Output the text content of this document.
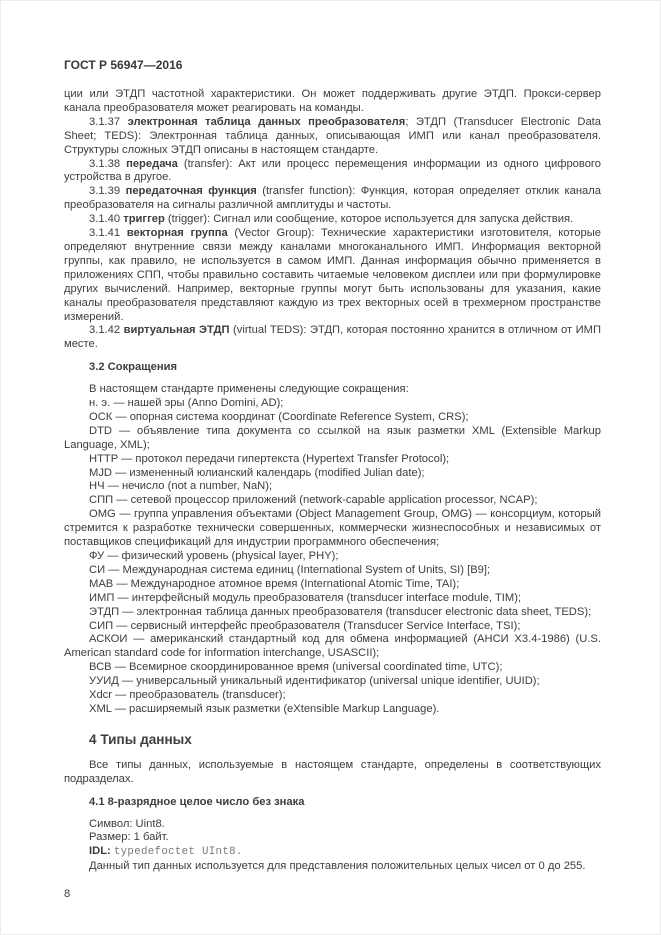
ГОСТ Р 56947—2016

ции или ЭТДП частотной характеристики. Он может поддерживать другие ЭТДП. Прокси-сервер канала преобразователя может реагировать на команды.

3.1.37 электронная таблица данных преобразователя; ЭТДП (Transducer Electronic Data Sheet; TEDS): Электронная таблица данных, описывающая ИМП или канал преобразователя. Структуры сложных ЭТДП описаны в настоящем стандарте.

3.1.38 передача (transfer): Акт или процесс перемещения информации из одного цифрового устройства в другое.

3.1.39 передаточная функция (transfer function): Функция, которая определяет отклик канала преобразователя на сигналы различной амплитуды и частоты.

3.1.40 триггер (trigger): Сигнал или сообщение, которое используется для запуска действия.

3.1.41 векторная группа (Vector Group): Технические характеристики изготовителя, которые определяют внутренние связи между каналами многоканального ИМП. Информация векторной группы, как правило, не используется в самом ИМП. Данная информация обычно применяется в приложениях СПП, чтобы правильно составить читаемые человеком дисплеи или при формулировке других вычислений. Например, векторные группы могут быть использованы для указания, какие каналы преобразователя представляют каждую из трех векторных осей в трехмерном пространстве измерений.

3.1.42 виртуальная ЭТДП (virtual TEDS): ЭТДП, которая постоянно хранится в отличном от ИМП месте.

3.2 Сокращения

В настоящем стандарте применены следующие сокращения:

н. э. — нашей эры (Anno Domini, AD);

ОСК — опорная система координат (Coordinate Reference System, CRS);

DTD — объявление типа документа со ссылкой на язык разметки XML (Extensible Markup Language, XML);

HTTP — протокол передачи гипертекста (Hypertext Transfer Protocol);

MJD — измененный юлианский календарь (modified Julian date);

НЧ — нечисло (not a number, NaN);

СПП — сетевой процессор приложений (network-capable application processor, NCAP);

OMG — группа управления объектами (Object Management Group, OMG) — консорциум, который стремится к разработке технически совершенных, коммерчески жизнеспособных и независимых от поставщиков спецификаций для индустрии программного обеспечения;

ФУ — физический уровень (physical layer, PHY);

СИ — Международная система единиц (International System of Units, SI) [B9];

МАВ — Международное атомное время (International Atomic Time, TAI);

ИМП — интерфейсный модуль преобразователя (transducer interface module, TIM);

ЭТДП — электронная таблица данных преобразователя (transducer electronic data sheet, TEDS);

СИП — сервисный интерфейс преобразователя (Transducer Service Interface, TSI);

АСКОИ — американский стандартный код для обмена информацией (АНСИ X3.4-1986) (U.S. American standard code for information interchange, USASCII);

ВСВ — Всемирное скоординированное время (universal coordinated time, UTC);

УУИД — универсальный уникальный идентификатор (universal unique identifier, UUID);

Xdcr — преобразователь (transducer);

XML — расширяемый язык разметки (eXtensible Markup Language).

4 Типы данных

Все типы данных, используемые в настоящем стандарте, определены в соответствующих подразделах.

4.1 8-разрядное целое число без знака

Символ: Uint8.

Размер: 1 байт.

IDL: typedefoctet UInt8.

Данный тип данных используется для представления положительных целых чисел от 0 до 255.

8
